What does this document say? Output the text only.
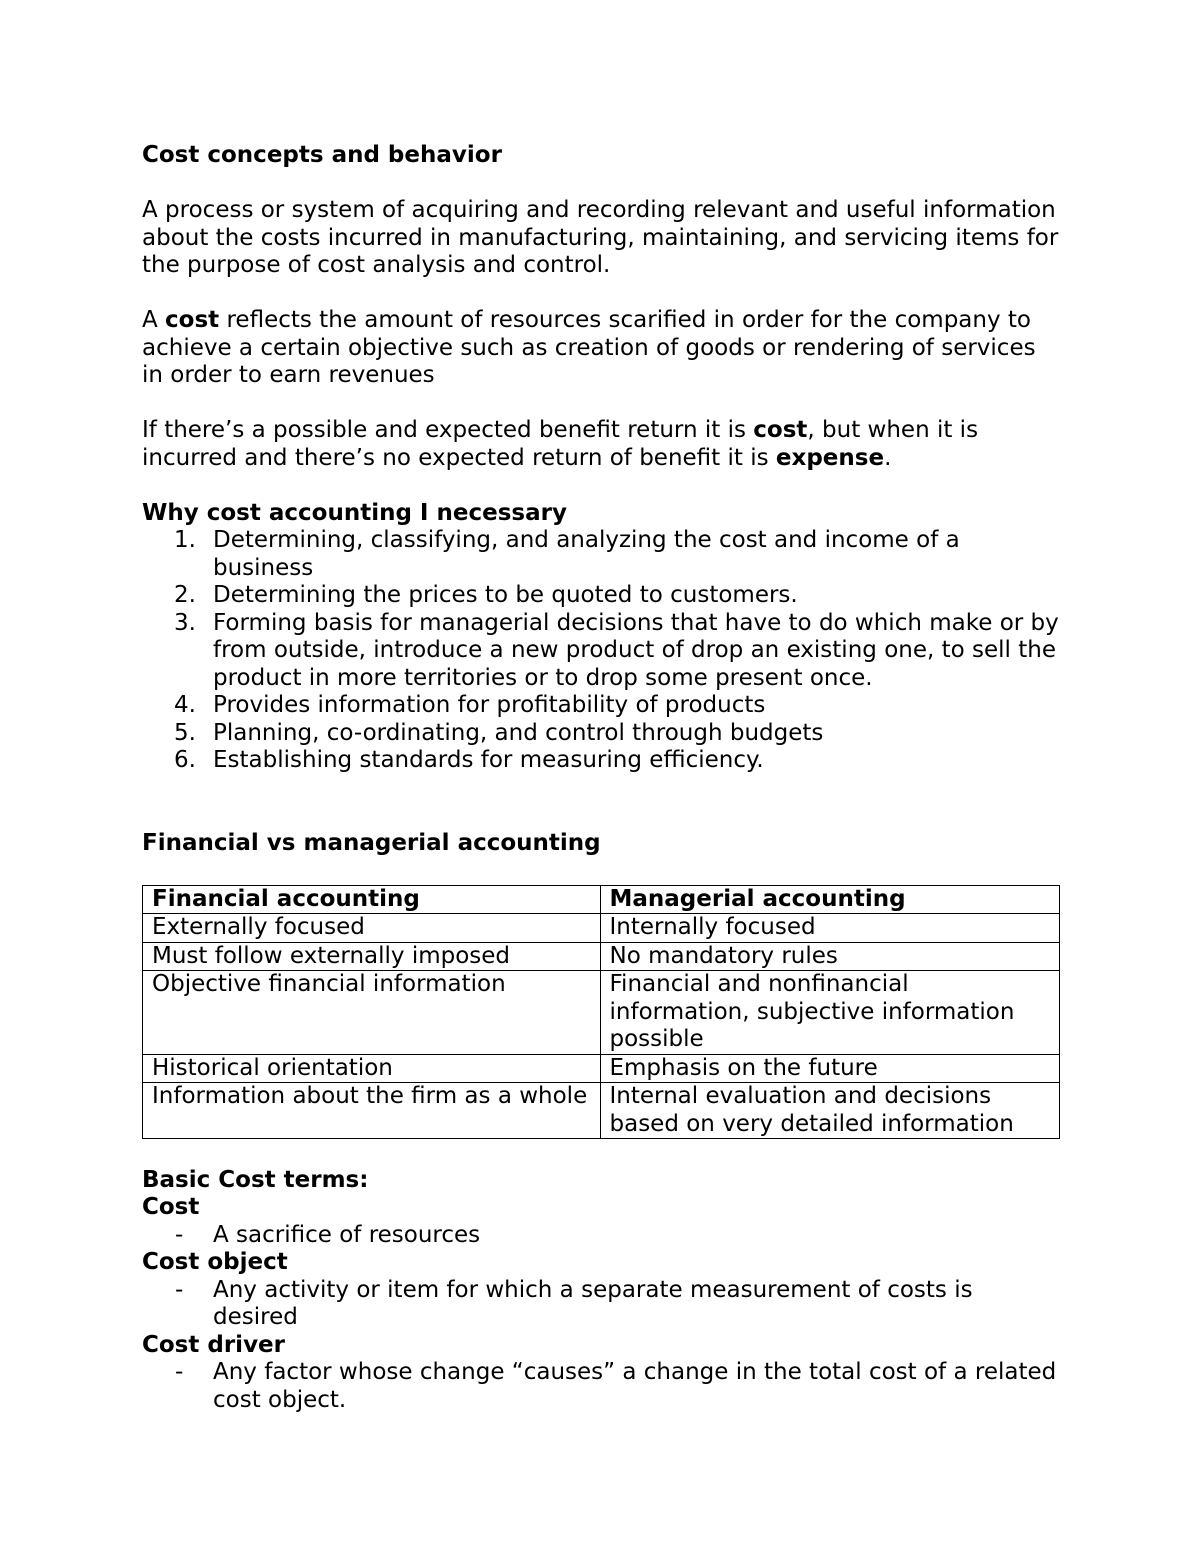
Cost concepts and behavior

A process or system of acquiring and recording relevant and useful information about the costs incurred in manufacturing, maintaining, and servicing items for the purpose of cost analysis and control.

A cost reflects the amount of resources scarified in order for the company to achieve a certain objective such as creation of goods or rendering of services in order to earn revenues

If there’s a possible and expected benefit return it is cost, but when it is incurred and there’s no expected return of benefit it is expense.

Why cost accounting I necessary
1. Determining, classifying, and analyzing the cost and income of a business
2. Determining the prices to be quoted to customers.
3. Forming basis for managerial decisions that have to do which make or by from outside, introduce a new product of drop an existing one, to sell the product in more territories or to drop some present once.
4. Provides information for profitability of products
5. Planning, co-ordinating, and control through budgets
6. Establishing standards for measuring efficiency.
Financial vs managerial accounting
Financial accounting	Managerial accounting
Externally focused	Internally focused
Must follow externally imposed	No mandatory rules
Objective financial information	Financial and nonfinancial information, subjective information possible
Historical orientation	Emphasis on the future
Information about the firm as a whole	Internal evaluation and decisions based on very detailed information
Basic Cost terms:
Cost
- A sacrifice of resources
Cost object
- Any activity or item for which a separate measurement of costs is desired
Cost driver
- Any factor whose change “causes” a change in the total cost of a related cost object.
